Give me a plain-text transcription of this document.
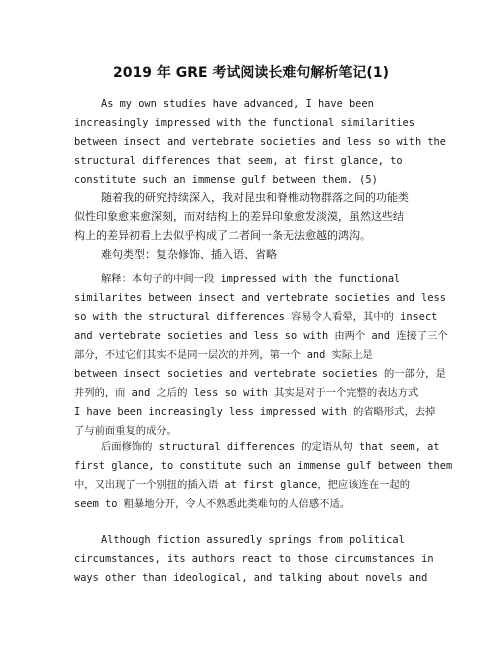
2019 年 GRE 考试阅读长难句解析笔记(1)
As my own studies have advanced, I have been
increasingly impressed with the functional similarities
between insect and vertebrate societies and less so with the
structural differences that seem, at first glance, to
constitute such an immense gulf between them. (5)
随着我的研究持续深入，我对昆虫和脊椎动物群落之间的功能类
似性印象愈来愈深刻，而对结构上的差异印象愈发淡漠，虽然这些结
构上的差异初看上去似乎构成了二者间一条无法愈越的鸿沟。
难句类型：复杂修饰、插入语、省略
解释：本句子的中间一段 impressed with the functional
similarites between insect and vertebrate societies and less
so with the structural differences 容易令人看晕，其中的 insect
and vertebrate societies and less so with 由两个 and 连接了三个
部分，不过它们其实不是同一层次的并列，第一个 and 实际上是
between insect societies and vertebrate societies 的一部分，是
并列的，而 and 之后的 less so with 其实是对于一个完整的表达方式
I have been increasingly less impressed with 的省略形式，去掉
了与前面重复的成分。
后面修饰的 structural differences 的定语从句 that seem, at
first glance, to constitute such an immense gulf between them
中，又出现了一个别扭的插入语 at first glance，把应该连在一起的
seem to 粗暴地分开，令人不熟悉此类难句的人倍感不适。
Although fiction assuredly springs from political
circumstances, its authors react to those circumstances in
ways other than ideological, and talking about novels and
